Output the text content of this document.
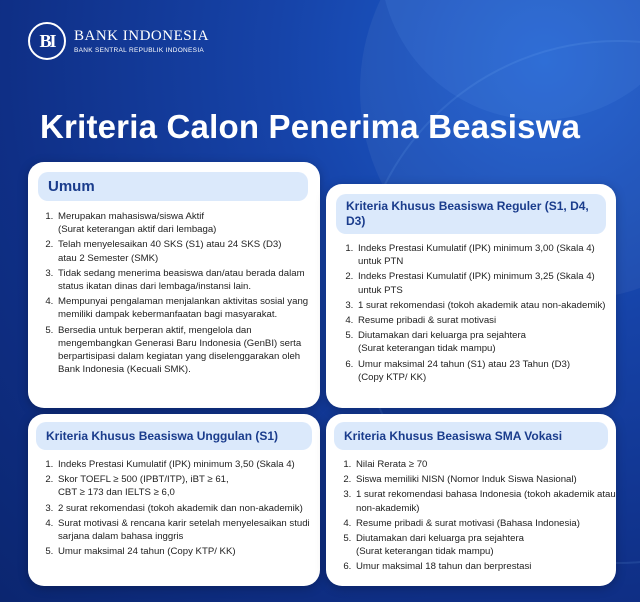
BI	BANK INDONESIA
BANK SENTRAL REPUBLIK INDONESIA
Kriteria Calon Penerima Beasiswa
Umum
1. Merupakan mahasiswa/siswa Aktif
(Surat keterangan aktif dari lembaga)
2. Telah menyelesaikan 40 SKS (S1) atau 24 SKS (D3)
atau 2 Semester (SMK)
3. Tidak sedang menerima beasiswa dan/atau berada dalam status ikatan dinas dari lembaga/instansi lain.
4. Mempunyai pengalaman menjalankan aktivitas sosial yang memiliki dampak kebermanfaatan bagi masyarakat.
5. Bersedia untuk berperan aktif, mengelola dan mengembangkan Generasi Baru Indonesia (GenBI) serta berpartisipasi dalam kegiatan yang diselenggarakan oleh Bank Indonesia (Kecuali SMK).
Kriteria Khusus Beasiswa Reguler (S1, D4, D3)
1. Indeks Prestasi Kumulatif (IPK) minimum 3,00 (Skala 4) untuk PTN
2. Indeks Prestasi Kumulatif (IPK) minimum 3,25 (Skala 4) untuk PTS
3. 1 surat rekomendasi (tokoh akademik atau non-akademik)
4. Resume pribadi & surat motivasi
5. Diutamakan dari keluarga pra sejahtera
(Surat keterangan tidak mampu)
6. Umur maksimal 24 tahun (S1) atau 23 Tahun (D3)
(Copy KTP/ KK)
Kriteria Khusus Beasiswa Unggulan (S1)
1. Indeks Prestasi Kumulatif (IPK) minimum 3,50 (Skala 4)
2. Skor TOEFL ≥ 500 (IPBT/ITP), iBT ≥ 61,
CBT ≥ 173 dan IELTS ≥ 6,0
3. 2 surat rekomendasi (tokoh akademik dan non-akademik)
4. Surat motivasi & rencana karir setelah menyelesaikan studi sarjana dalam bahasa inggris
5. Umur maksimal 24 tahun (Copy KTP/ KK)
Kriteria Khusus Beasiswa SMA Vokasi
1. Nilai Rerata ≥ 70
2. Siswa memiliki NISN (Nomor Induk Siswa Nasional)
3. 1 surat rekomendasi bahasa Indonesia (tokoh akademik atau non-akademik)
4. Resume pribadi & surat motivasi (Bahasa Indonesia)
5. Diutamakan dari keluarga pra sejahtera
(Surat keterangan tidak mampu)
6. Umur maksimal 18 tahun dan berprestasi
